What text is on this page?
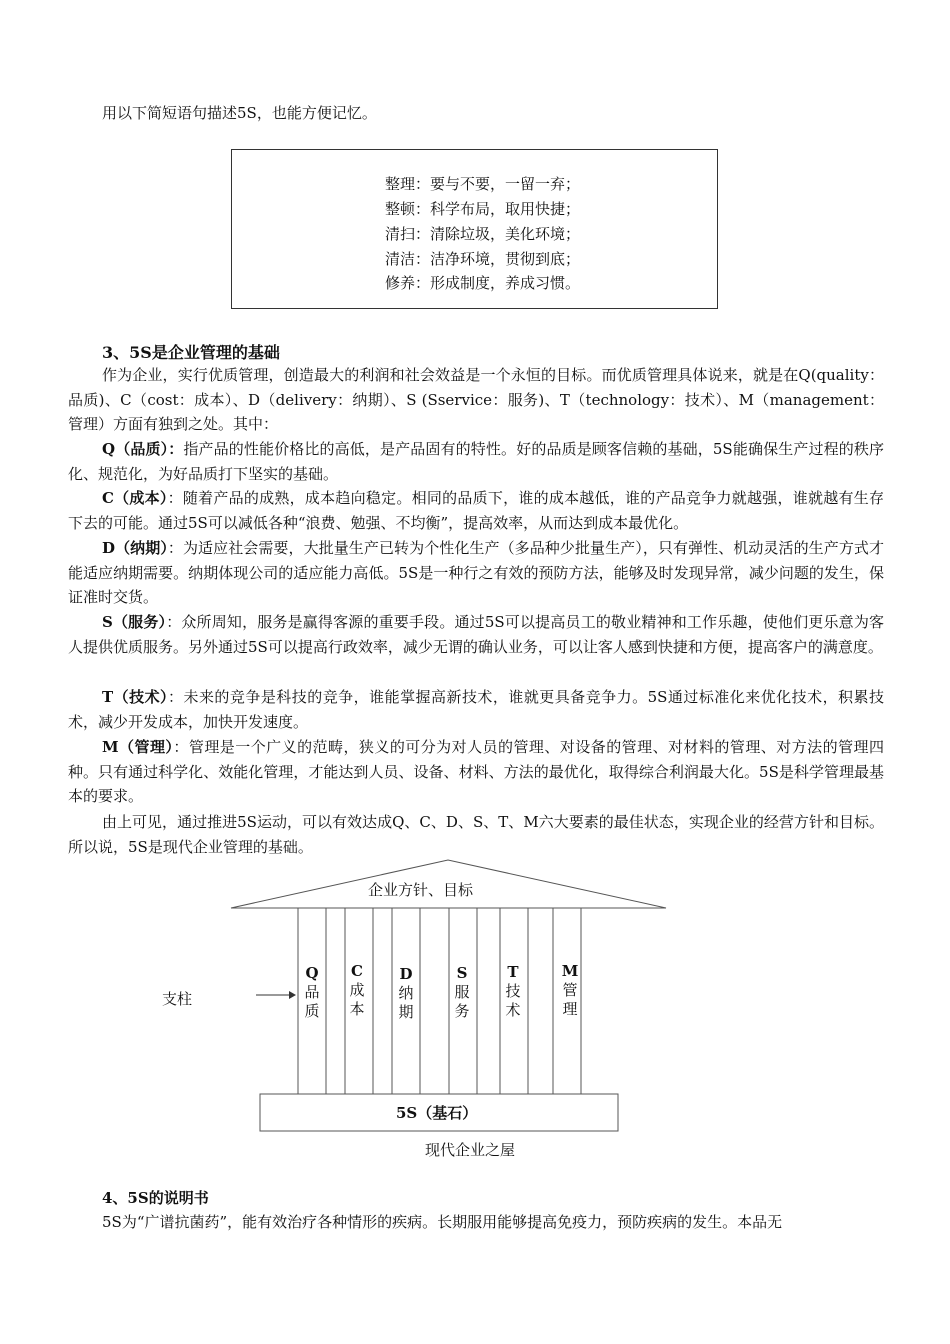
用以下简短语句描述5S，也能方便记忆。

整理：要与不要，一留一弃；
整顿：科学布局，取用快捷；
清扫：清除垃圾，美化环境；
清洁：洁净环境，贯彻到底；
修养：形成制度，养成习惯。
3、5S是企业管理的基础

作为企业，实行优质管理，创造最大的利润和社会效益是一个永恒的目标。而优质管理具体说来，就是在Q(quality：品质)、C（cost：成本）、D（delivery：纳期）、S (Sservice：服务)、T（technology：技术）、M（management：管理）方面有独到之处。其中：

Q（品质）：指产品的性能价格比的高低，是产品固有的特性。好的品质是顾客信赖的基础，5S能确保生产过程的秩序化、规范化，为好品质打下坚实的基础。

C（成本）：随着产品的成熟，成本趋向稳定。相同的品质下，谁的成本越低，谁的产品竞争力就越强，谁就越有生存下去的可能。通过5S可以减低各种“浪费、勉强、不均衡”，提高效率，从而达到成本最优化。

D（纳期）：为适应社会需要，大批量生产已转为个性化生产（多品种少批量生产），只有弹性、机动灵活的生产方式才能适应纳期需要。纳期体现公司的适应能力高低。5S是一种行之有效的预防方法，能够及时发现异常，减少问题的发生，保证准时交货。

S（服务）：众所周知，服务是赢得客源的重要手段。通过5S可以提高员工的敬业精神和工作乐趣，使他们更乐意为客人提供优质服务。另外通过5S可以提高行政效率，减少无谓的确认业务，可以让客人感到快捷和方便，提高客户的满意度。

T（技术）：未来的竞争是科技的竞争，谁能掌握高新技术，谁就更具备竞争力。5S通过标准化来优化技术，积累技术，减少开发成本，加快开发速度。

M（管理）：管理是一个广义的范畴，狭义的可分为对人员的管理、对设备的管理、对材料的管理、对方法的管理四种。只有通过科学化、效能化管理，才能达到人员、设备、材料、方法的最优化，取得综合利润最大化。5S是科学管理最基本的要求。

由上可见，通过推进5S运动，可以有效达成Q、C、D、S、T、M六大要素的最佳状态，实现企业的经营方针和目标。所以说，5S是现代企业管理的基础。

企业方针、目标
支柱
Q
品
质
C
成
本
D
纳
期
S
服
务
T
技
术
M
管
理
5S（基石）
现代企业之屋
4、5S的说明书

5S为“广谱抗菌药”，能有效治疗各种情形的疾病。长期服用能够提高免疫力，预防疾病的发生。本品无
